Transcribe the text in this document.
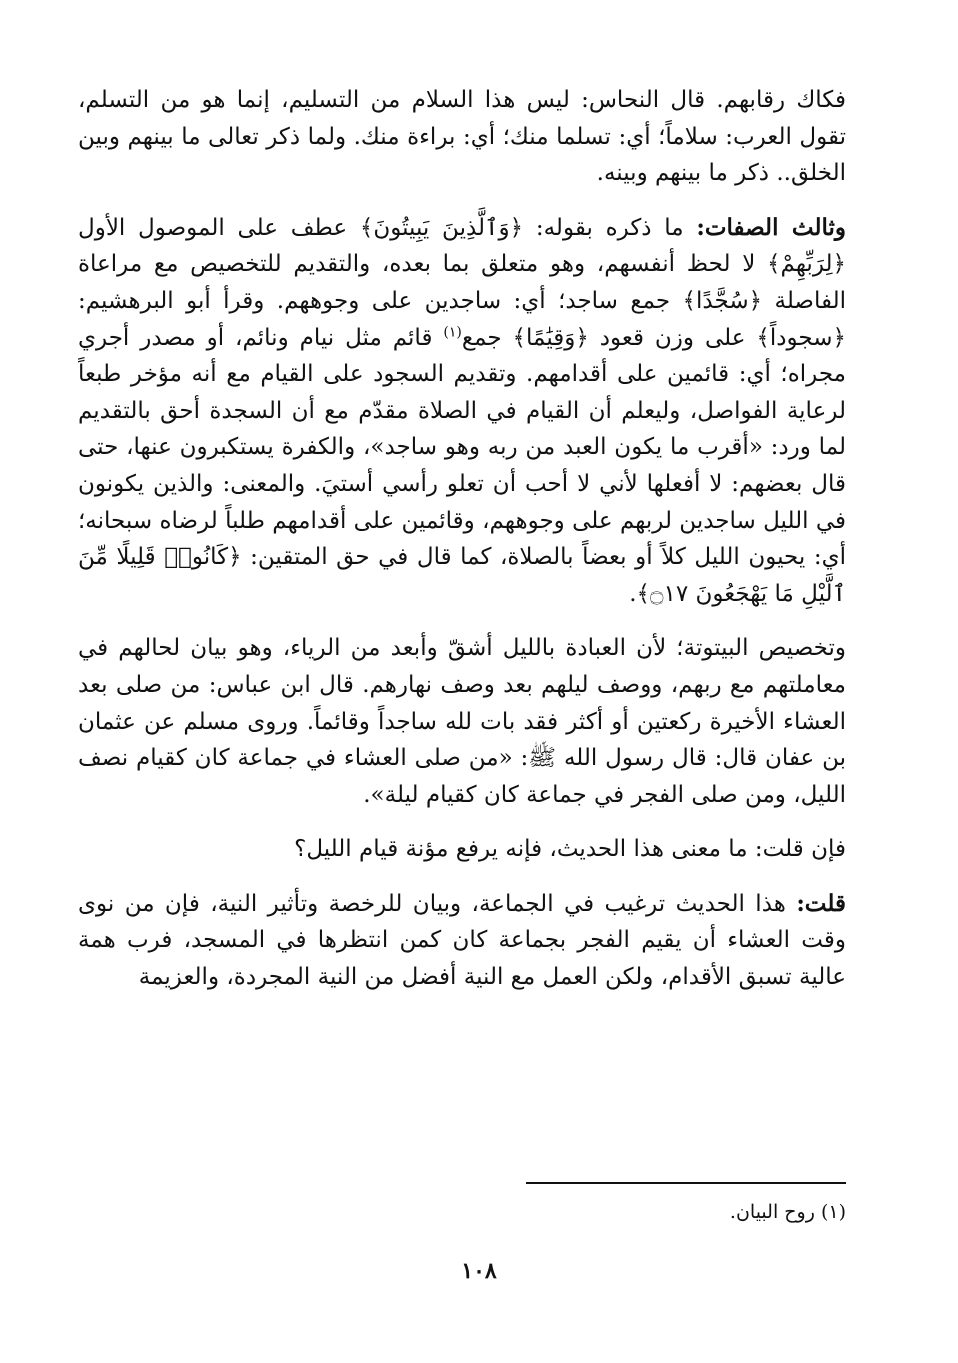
فكاك رقابهم. قال النحاس: ليس هذا السلام من التسليم، إنما هو من التسلم، تقول العرب: سلاماً؛ أي: تسلما منك؛ أي: براءة منك. ولما ذكر تعالى ما بينهم وبين الخلق.. ذكر ما بينهم وبينه.

وثالث الصفات: ما ذكره بقوله: ﴿وَٱلَّذِينَ يَبِيتُونَ﴾ عطف على الموصول الأول ﴿لِرَبِّهِمْ﴾ لا لحظ أنفسهم، وهو متعلق بما بعده، والتقديم للتخصيص مع مراعاة الفاصلة ﴿سُجَّدًا﴾ جمع ساجد؛ أي: ساجدين على وجوههم. وقرأ أبو البرهشيم: ﴿سجوداً﴾ على وزن قعود ﴿وَقِيَٰمًا﴾ جمع$^{(١)}$ قائم مثل نيام ونائم، أو مصدر أجري مجراه؛ أي: قائمين على أقدامهم. وتقديم السجود على القيام مع أنه مؤخر طبعاً لرعاية الفواصل، وليعلم أن القيام في الصلاة مقدّم مع أن السجدة أحق بالتقديم لما ورد: «أقرب ما يكون العبد من ربه وهو ساجد»، والكفرة يستكبرون عنها، حتى قال بعضهم: لا أفعلها لأني لا أحب أن تعلو رأسي أستيَ. والمعنى: والذين يكونون في الليل ساجدين لربهم على وجوههم، وقائمين على أقدامهم طلباً لرضاه سبحانه؛ أي: يحيون الليل كلاً أو بعضاً بالصلاة، كما قال في حق المتقين: ﴿كَانُوا۟ قَلِيلًا مِّنَ ٱلَّيْلِ مَا يَهْجَعُونَ ۝١٧﴾.

وتخصيص البيتوتة؛ لأن العبادة بالليل أشقّ وأبعد من الرياء، وهو بيان لحالهم في معاملتهم مع ربهم، ووصف ليلهم بعد وصف نهارهم. قال ابن عباس: من صلى بعد العشاء الأخيرة ركعتين أو أكثر فقد بات لله ساجداً وقائماً. وروى مسلم عن عثمان بن عفان قال: قال رسول الله ﷺ: «من صلى العشاء في جماعة كان كقيام نصف الليل، ومن صلى الفجر في جماعة كان كقيام ليلة».

فإن قلت: ما معنى هذا الحديث، فإنه يرفع مؤنة قيام الليل؟

قلت: هذا الحديث ترغيب في الجماعة، وبيان للرخصة وتأثير النية، فإن من نوى وقت العشاء أن يقيم الفجر بجماعة كان كمن انتظرها في المسجد، فرب همة عالية تسبق الأقدام، ولكن العمل مع النية أفضل من النية المجردة، والعزيمة

(١) روح البيان.
١٠٨
